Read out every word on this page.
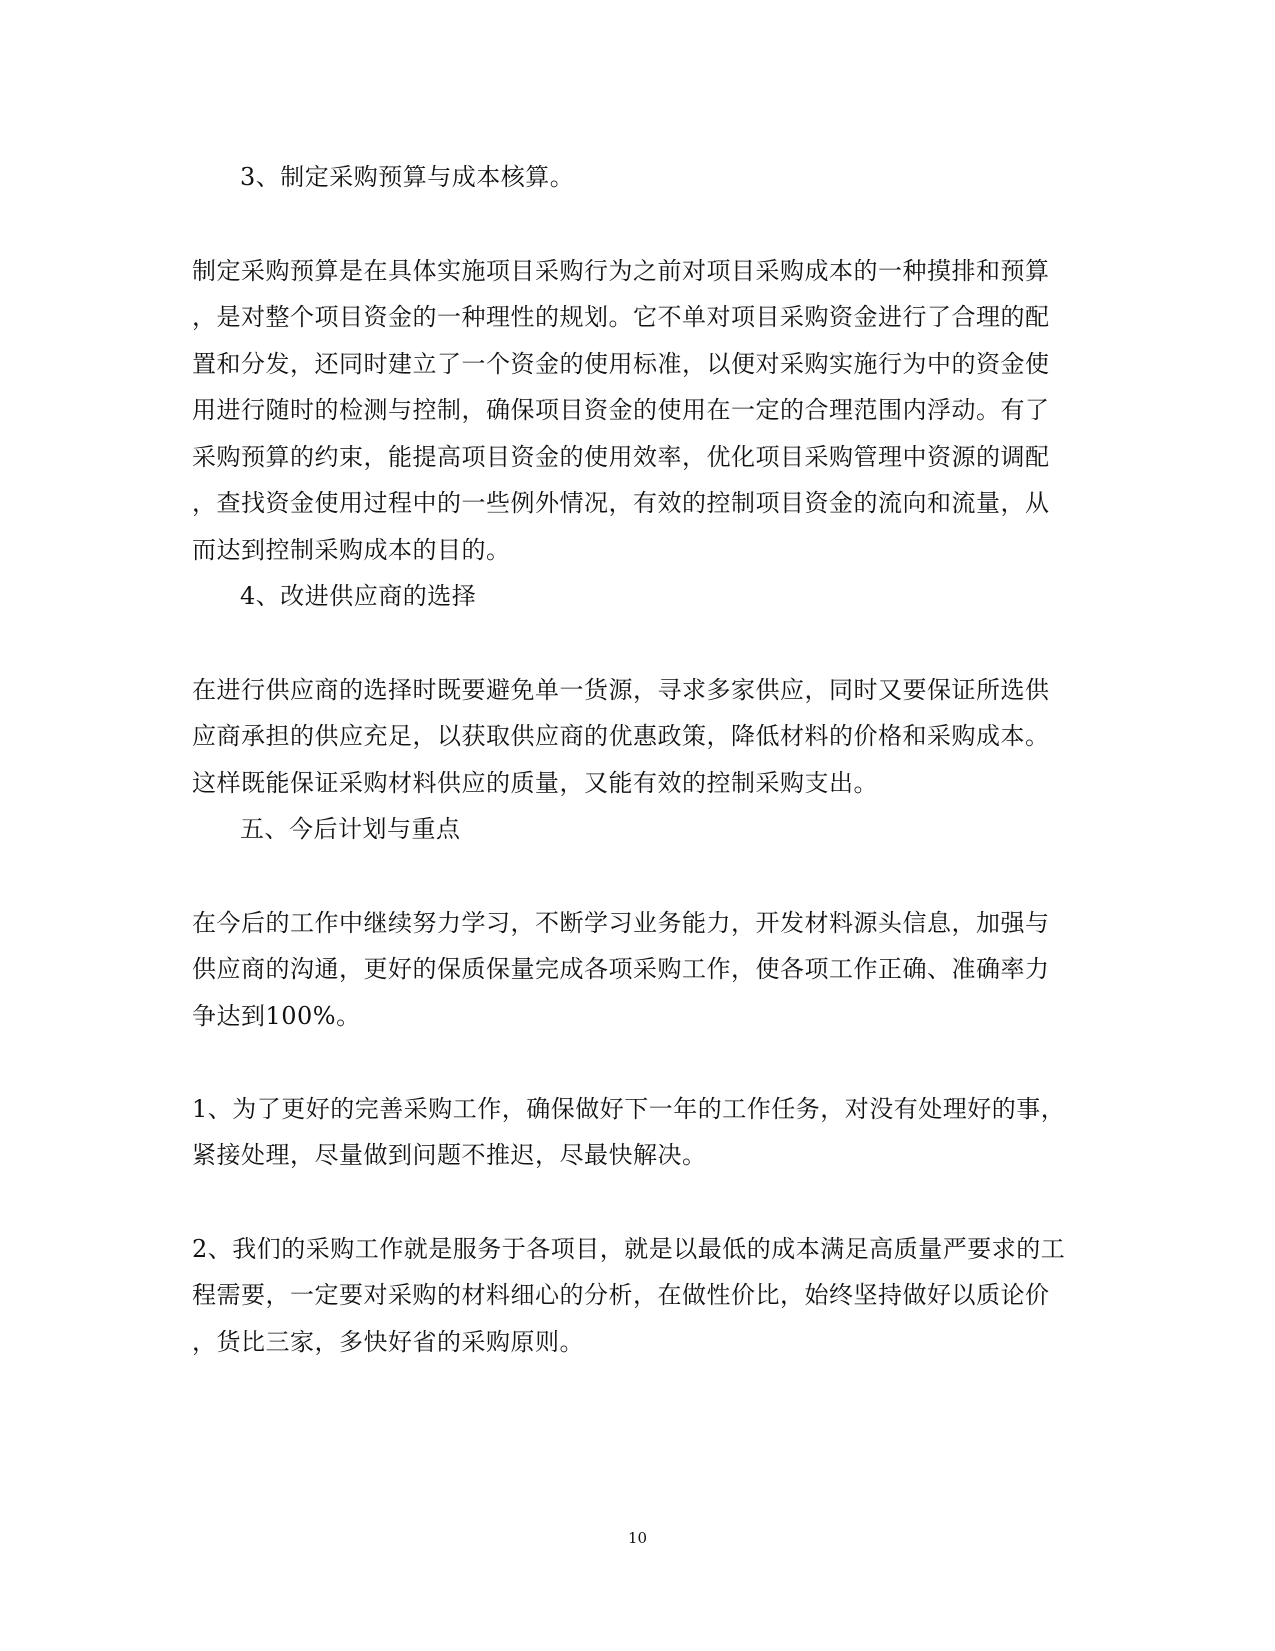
3、制定采购预算与成本核算。
制定采购预算是在具体实施项目采购行为之前对项目采购成本的一种摸排和预算
，是对整个项目资金的一种理性的规划。它不单对项目采购资金进行了合理的配
置和分发，还同时建立了一个资金的使用标准，以便对采购实施行为中的资金使
用进行随时的检测与控制，确保项目资金的使用在一定的合理范围内浮动。有了
采购预算的约束，能提高项目资金的使用效率，优化项目采购管理中资源的调配
，查找资金使用过程中的一些例外情况，有效的控制项目资金的流向和流量，从
而达到控制采购成本的目的。
4、改进供应商的选择
在进行供应商的选择时既要避免单一货源，寻求多家供应，同时又要保证所选供
应商承担的供应充足，以获取供应商的优惠政策，降低材料的价格和采购成本。
这样既能保证采购材料供应的质量，又能有效的控制采购支出。
五、今后计划与重点
在今后的工作中继续努力学习，不断学习业务能力，开发材料源头信息，加强与
供应商的沟通，更好的保质保量完成各项采购工作，使各项工作正确、准确率力
争达到100%。
1、为了更好的完善采购工作，确保做好下一年的工作任务，对没有处理好的事，
紧接处理，尽量做到问题不推迟，尽最快解决。
2、我们的采购工作就是服务于各项目，就是以最低的成本满足高质量严要求的工
程需要，一定要对采购的材料细心的分析，在做性价比，始终坚持做好以质论价
，货比三家，多快好省的采购原则。
10
